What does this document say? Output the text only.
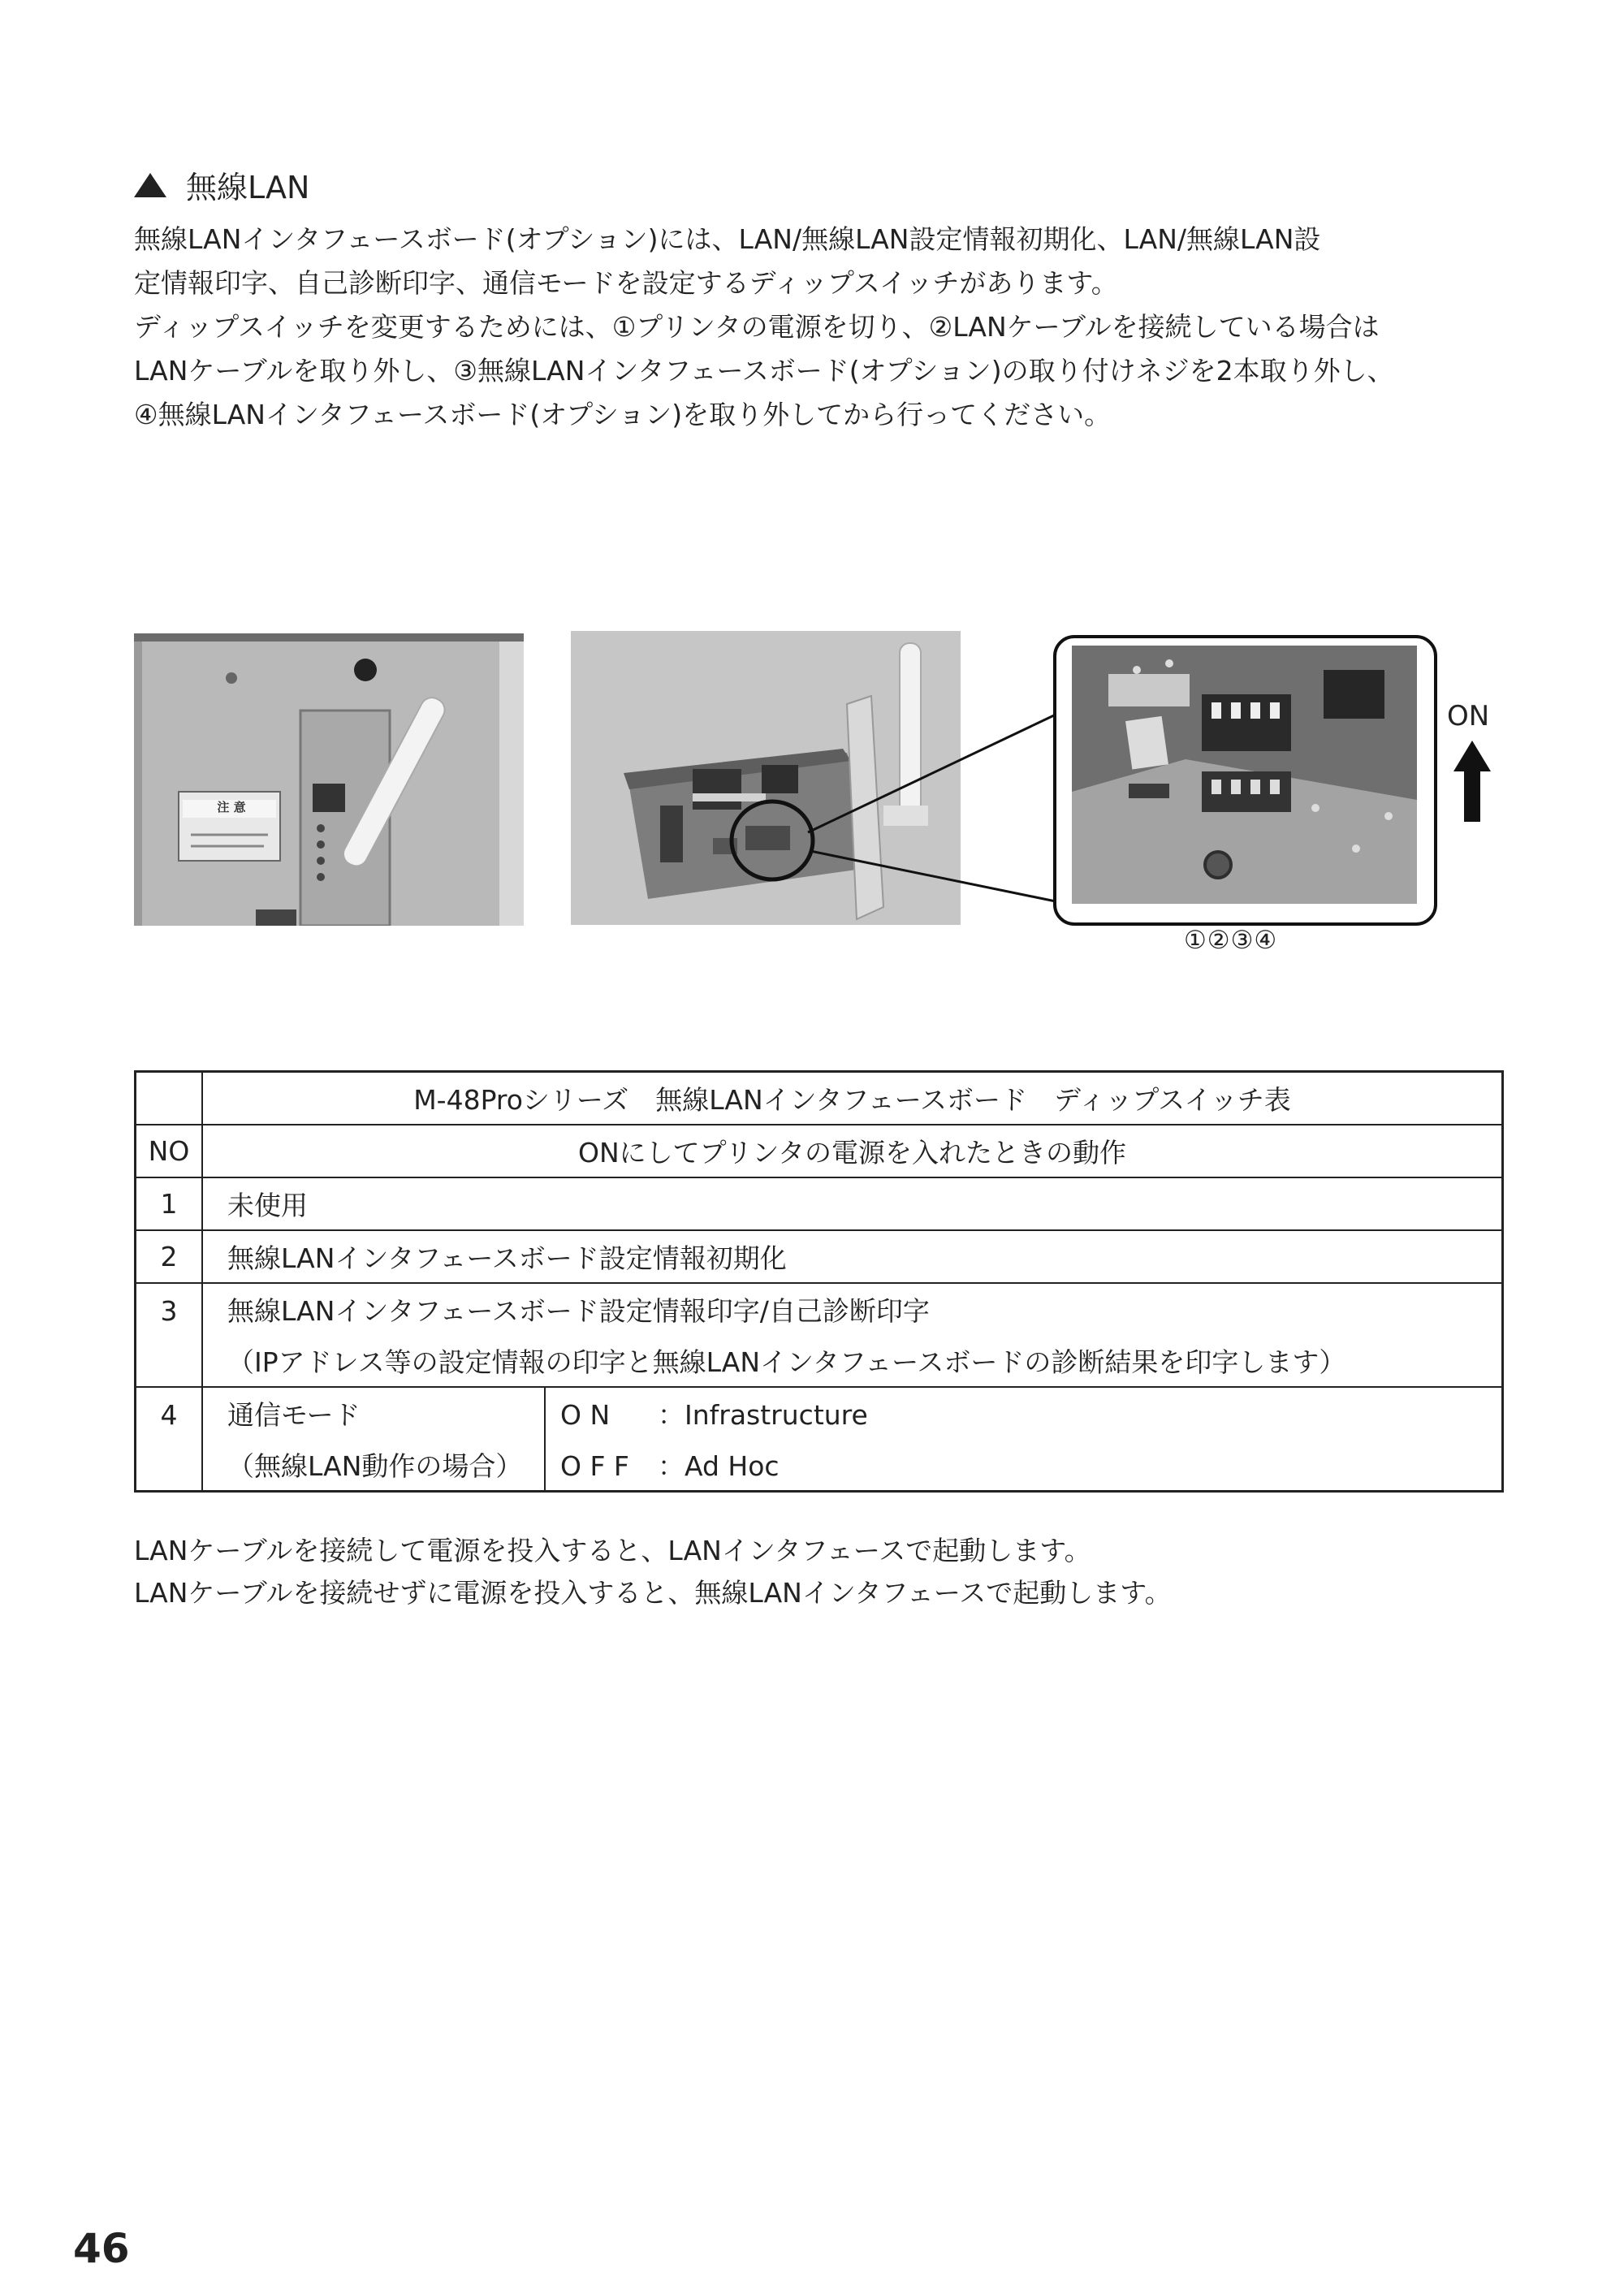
無線LAN
無線LANインタフェースボード(オプション)には、LAN/無線LAN設定情報初期化、LAN/無線LAN設
定情報印字、自己診断印字、通信モードを設定するディップスイッチがあります。
ディップスイッチを変更するためには、①プリンタの電源を切り、②LANケーブルを接続している場合は
LANケーブルを取り外し、③無線LANインタフェースボード(オプション)の取り付けネジを2本取り外し、
④無線LANインタフェースボード(オプション)を取り外してから行ってください。
注 意
ON
①②③④
	M-48Proシリーズ　無線LANインタフェースボード　ディップスイッチ表	
NO	ONにしてプリンタの電源を入れたときの動作	
1	未使用	
2	無線LANインタフェースボード設定情報初期化	
3	無線LANインタフェースボード設定情報印字/自己診断印字	
	（IPアドレス等の設定情報の印字と無線LANインタフェースボードの診断結果を印字します）	
4	通信モード	O N ：Infrastructure
	（無線LAN動作の場合）	O F F ：Ad Hoc
LANケーブルを接続して電源を投入すると、LANインタフェースで起動します。
LANケーブルを接続せずに電源を投入すると、無線LANインタフェースで起動します。
46
